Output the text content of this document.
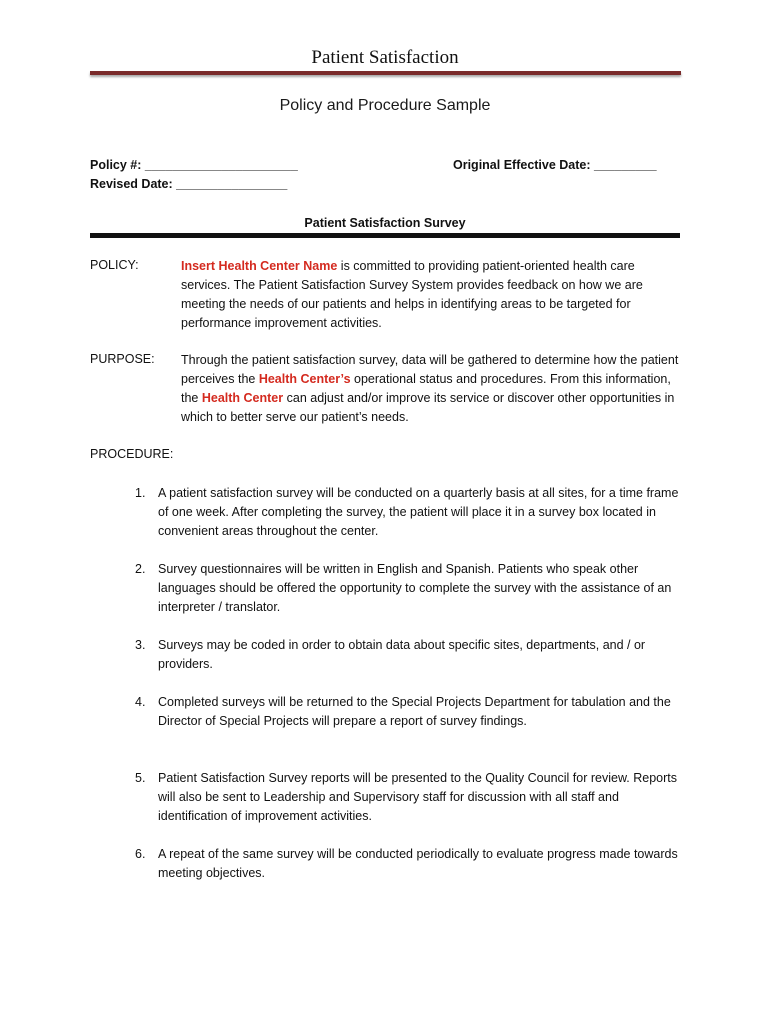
Patient Satisfaction
Policy and Procedure Sample
Policy #: ______________________
Revised Date: ________________
Original Effective Date: _________
Patient Satisfaction Survey
POLICY:	Insert Health Center Name is committed to providing patient-oriented health care services. The Patient Satisfaction Survey System provides feedback on how we are meeting the needs of our patients and helps in identifying areas to be targeted for performance improvement activities.
PURPOSE: Through the patient satisfaction survey, data will be gathered to determine how the patient perceives the Health Center’s operational status and procedures. From this information, the Health Center can adjust and/or improve its service or discover other opportunities in which to better serve our patient’s needs.
PROCEDURE:
1.	A patient satisfaction survey will be conducted on a quarterly basis at all sites, for a time frame of one week. After completing the survey, the patient will place it in a survey box located in convenient areas throughout the center.
2.	Survey questionnaires will be written in English and Spanish. Patients who speak other languages should be offered the opportunity to complete the survey with the assistance of an interpreter / translator.
3.	Surveys may be coded in order to obtain data about specific sites, departments, and / or providers.
4.	Completed surveys will be returned to the Special Projects Department for tabulation and the Director of Special Projects will prepare a report of survey findings.
5.	Patient Satisfaction Survey reports will be presented to the Quality Council for review. Reports will also be sent to Leadership and Supervisory staff for discussion with all staff and identification of improvement activities.
6.	A repeat of the same survey will be conducted periodically to evaluate progress made towards meeting objectives.
